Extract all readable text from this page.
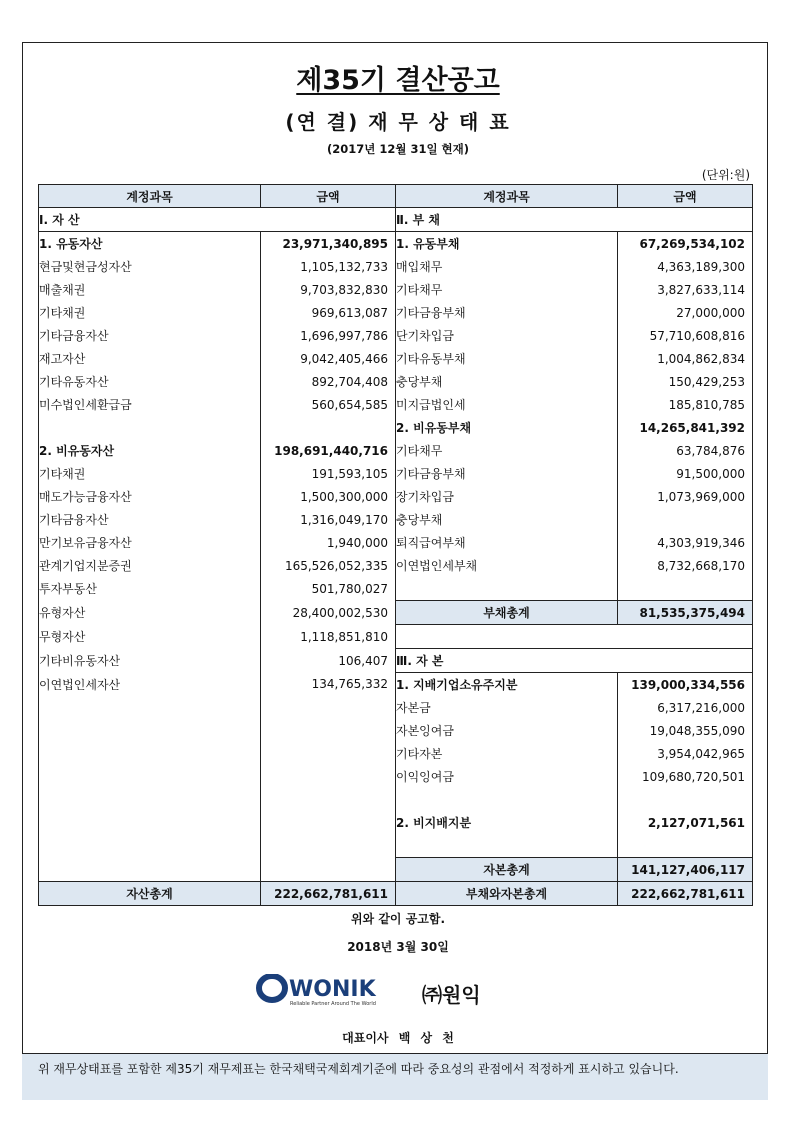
제35기 결산공고
(연 결) 재 무 상 태 표
(2017년 12월 31일 현재)
(단위:원)
계정과목	금액	계정과목	금액
Ⅰ. 자 산		Ⅱ. 부 채	
1. 유동자산	23,971,340,895	1. 유동부채	67,269,534,102
현금및현금성자산	1,105,132,733	매입채무	4,363,189,300
매출채권	9,703,832,830	기타채무	3,827,633,114
기타채권	969,613,087	기타금융부채	27,000,000
기타금융자산	1,696,997,786	단기차입금	57,710,608,816
재고자산	9,042,405,466	기타유동부채	1,004,862,834
기타유동자산	892,704,408	충당부채	150,429,253
미수법인세환급금	560,654,585	미지급법인세	185,810,785
		2. 비유동부채	14,265,841,392
2. 비유동자산	198,691,440,716	기타채무	63,784,876
기타채권	191,593,105	기타금융부채	91,500,000
매도가능금융자산	1,500,300,000	장기차입금	1,073,969,000
기타금융자산	1,316,049,170	충당부채	
만기보유금융자산	1,940,000	퇴직급여부채	4,303,919,346
관계기업지분증권	165,526,052,335	이연법인세부채	8,732,668,170
투자부동산	501,780,027		
유형자산	28,400,002,530	부채총계	81,535,375,494
무형자산	1,118,851,810		
기타비유동자산	106,407	Ⅲ. 자 본	
이연법인세자산	134,765,332	1. 지배기업소유주지분	139,000,334,556
		자본금	6,317,216,000
		자본잉여금	19,048,355,090
		기타자본	3,954,042,965
		이익잉여금	109,680,720,501

		2. 비지배지분	2,127,071,561

		자본총계	141,127,406,117
자산총계	222,662,781,611	부채와자본총계	222,662,781,611
위와 같이 공고함.
2018년 3월 30일
WONIK
Reliable Partner Around The World ㈜원익
대표이사 백 상 천
위 재무상태표를 포함한 제35기 재무제표는 한국채택국제회계기준에 따라 중요성의 관점에서 적정하게 표시하고 있습니다.
